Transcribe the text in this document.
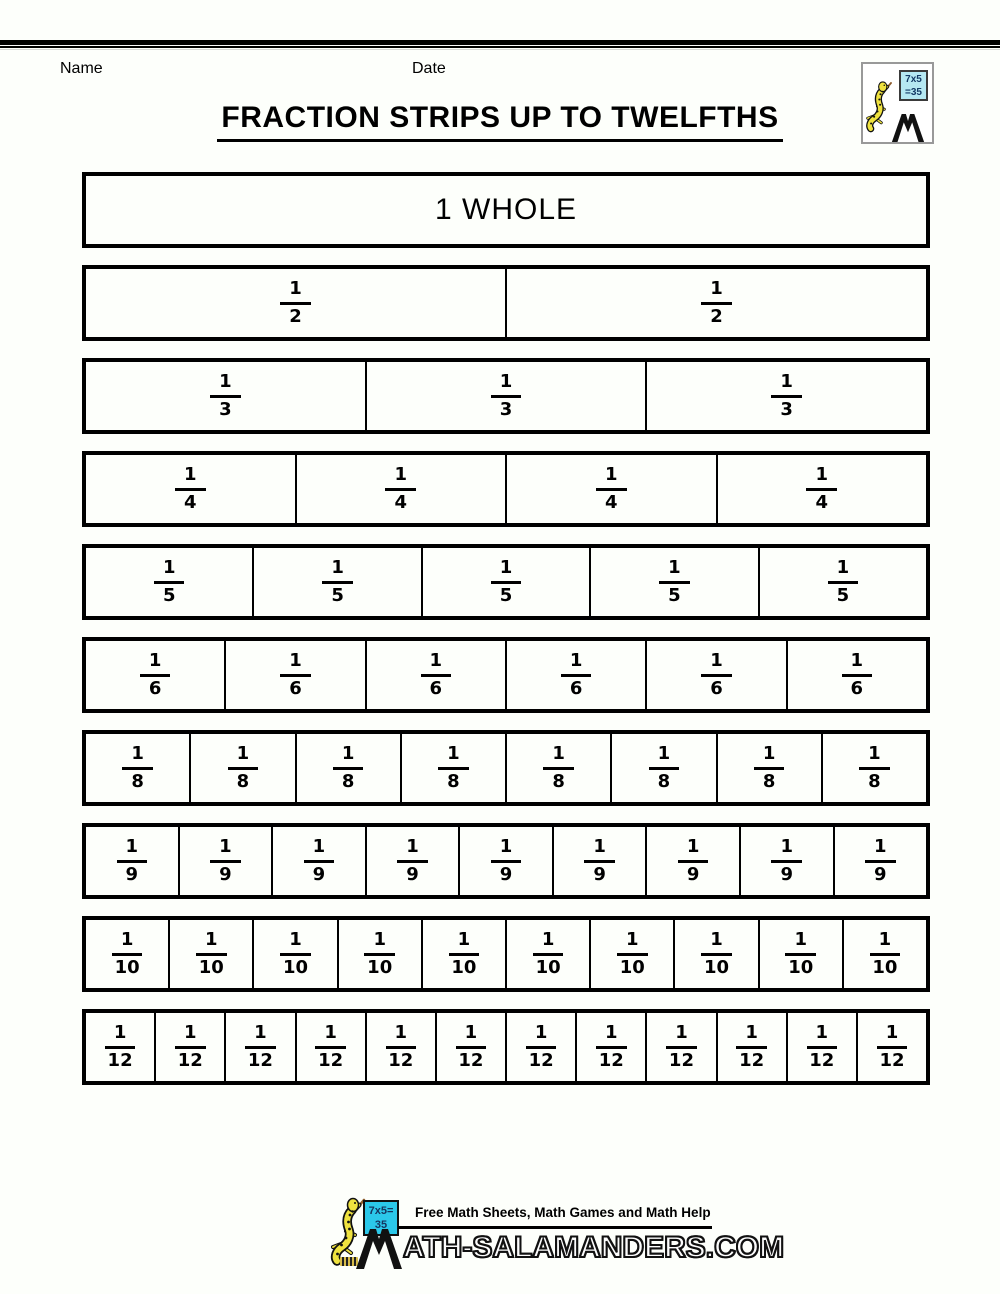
Name	Date
FRACTION STRIPS UP TO TWELFTHS
7x5
=35
1 WHOLE
$\frac{1}{2}$	$\frac{1}{2}$
$\frac{1}{3}$	$\frac{1}{3}$	$\frac{1}{3}$
$\frac{1}{4}$	$\frac{1}{4}$	$\frac{1}{4}$	$\frac{1}{4}$
$\frac{1}{5}$	$\frac{1}{5}$	$\frac{1}{5}$	$\frac{1}{5}$	$\frac{1}{5}$
$\frac{1}{6}$	$\frac{1}{6}$	$\frac{1}{6}$	$\frac{1}{6}$	$\frac{1}{6}$	$\frac{1}{6}$
$\frac{1}{8}$	$\frac{1}{8}$	$\frac{1}{8}$	$\frac{1}{8}$	$\frac{1}{8}$	$\frac{1}{8}$	$\frac{1}{8}$	$\frac{1}{8}$
$\frac{1}{9}$	$\frac{1}{9}$	$\frac{1}{9}$	$\frac{1}{9}$	$\frac{1}{9}$	$\frac{1}{9}$	$\frac{1}{9}$	$\frac{1}{9}$	$\frac{1}{9}$
$\frac{1}{10}$	$\frac{1}{10}$	$\frac{1}{10}$	$\frac{1}{10}$	$\frac{1}{10}$	$\frac{1}{10}$	$\frac{1}{10}$	$\frac{1}{10}$	$\frac{1}{10}$	$\frac{1}{10}$
$\frac{1}{12} \frac{1}{12} \frac{1}{12} \frac{1}{12} \frac{1}{12} \frac{1}{12} \frac{1}{12} \frac{1}{12} \frac{1}{12} \frac{1}{12} \frac{1}{12} \frac{1}{12}$
7x5=
35
Free Math Sheets, Math Games and Math Help
ATH-SALAMANDERS.COM
